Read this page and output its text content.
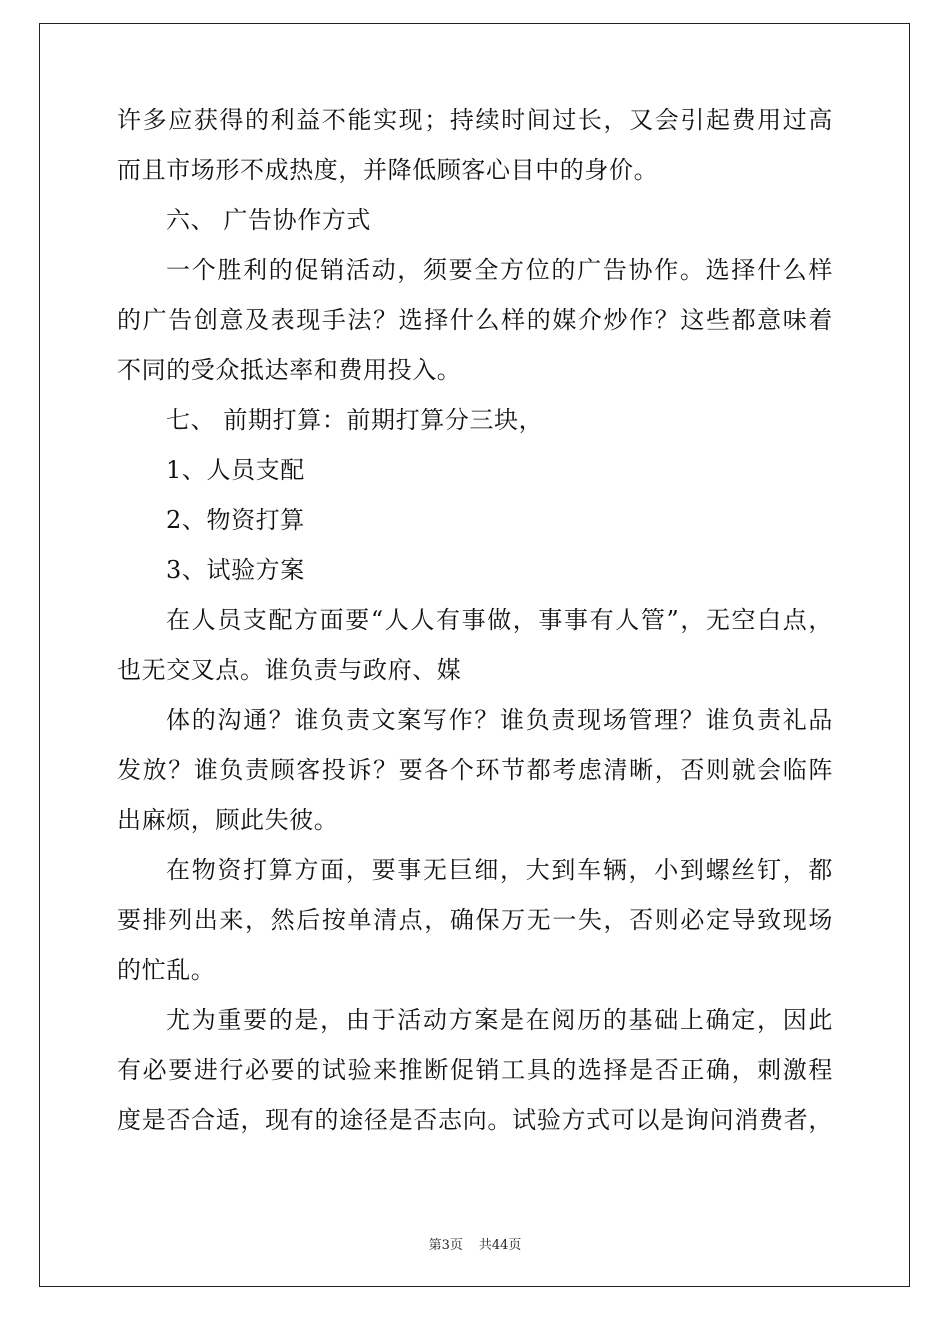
许多应获得的利益不能实现；持续时间过长，又会引起费用过高
而且市场形不成热度，并降低顾客心目中的身价。
六、 广告协作方式
一个胜利的促销活动，须要全方位的广告协作。选择什么样
的广告创意及表现手法？选择什么样的媒介炒作？这些都意味着
不同的受众抵达率和费用投入。
七、 前期打算：前期打算分三块，
1、人员支配
2、物资打算
3、试验方案
在人员支配方面要“人人有事做，事事有人管”，无空白点，
也无交叉点。谁负责与政府、媒
体的沟通？谁负责文案写作？谁负责现场管理？谁负责礼品
发放？谁负责顾客投诉？要各个环节都考虑清晰，否则就会临阵
出麻烦，顾此失彼。
在物资打算方面，要事无巨细，大到车辆，小到螺丝钉，都
要排列出来，然后按单清点，确保万无一失，否则必定导致现场
的忙乱。
尤为重要的是，由于活动方案是在阅历的基础上确定，因此
有必要进行必要的试验来推断促销工具的选择是否正确，刺激程
度是否合适，现有的途径是否志向。试验方式可以是询问消费者，
第3页 共44页
